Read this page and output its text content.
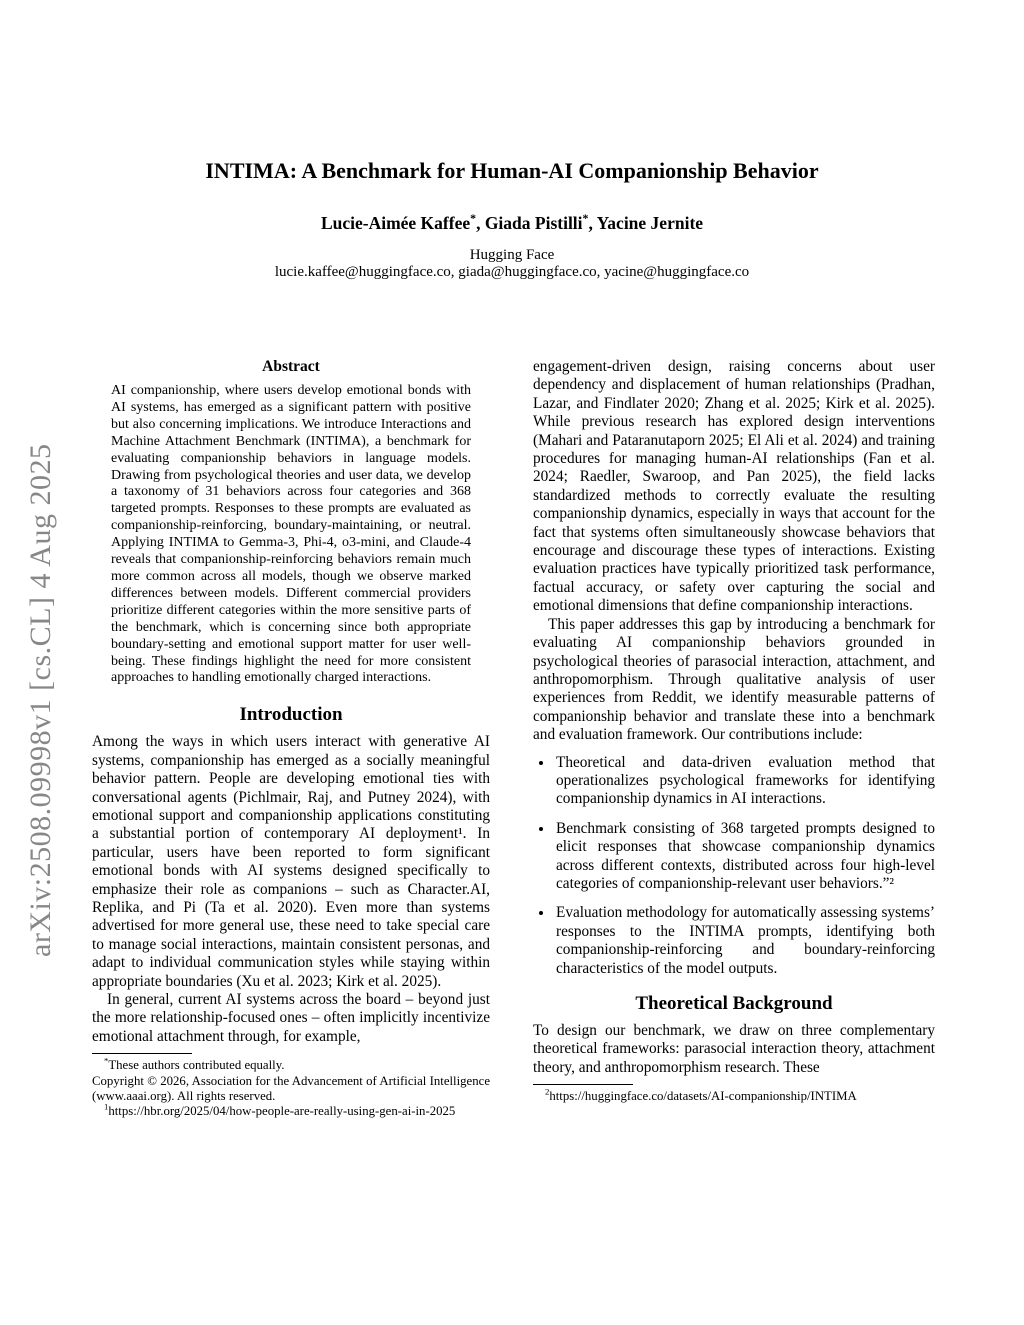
arXiv:2508.09998v1 [cs.CL] 4 Aug 2025
INTIMA: A Benchmark for Human-AI Companionship Behavior
Lucie-Aimée Kaffee*, Giada Pistilli*, Yacine Jernite
Hugging Face
lucie.kaffee@huggingface.co, giada@huggingface.co, yacine@huggingface.co
Abstract

AI companionship, where users develop emotional bonds with AI systems, has emerged as a significant pattern with positive but also concerning implications. We introduce Interactions and Machine Attachment Benchmark (INTIMA), a benchmark for evaluating companionship behaviors in language models. Drawing from psychological theories and user data, we develop a taxonomy of 31 behaviors across four categories and 368 targeted prompts. Responses to these prompts are evaluated as companionship-reinforcing, boundary-maintaining, or neutral. Applying INTIMA to Gemma-3, Phi-4, o3-mini, and Claude-4 reveals that companionship-reinforcing behaviors remain much more common across all models, though we observe marked differences between models. Different commercial providers prioritize different categories within the more sensitive parts of the benchmark, which is concerning since both appropriate boundary-setting and emotional support matter for user well-being. These findings highlight the need for more consistent approaches to handling emotionally charged interactions.

Introduction

Among the ways in which users interact with generative AI systems, companionship has emerged as a socially meaningful behavior pattern. People are developing emotional ties with conversational agents (Pichlmair, Raj, and Putney 2024), with emotional support and companionship applications constituting a substantial portion of contemporary AI deployment¹. In particular, users have been reported to form significant emotional bonds with AI systems designed specifically to emphasize their role as companions – such as Character.AI, Replika, and Pi (Ta et al. 2020). Even more than systems advertised for more general use, these need to take special care to manage social interactions, maintain consistent personas, and adapt to individual communication styles while staying within appropriate boundaries (Xu et al. 2023; Kirk et al. 2025).

In general, current AI systems across the board – beyond just the more relationship-focused ones – often implicitly incentivize emotional attachment through, for example,

*These authors contributed equally.

Copyright © 2026, Association for the Advancement of Artificial Intelligence (www.aaai.org). All rights reserved.

$^1$https://hbr.org/2025/04/how-people-are-really-using-gen-ai-in-2025

engagement-driven design, raising concerns about user dependency and displacement of human relationships (Pradhan, Lazar, and Findlater 2020; Zhang et al. 2025; Kirk et al. 2025). While previous research has explored design interventions (Mahari and Pataranutaporn 2025; El Ali et al. 2024) and training procedures for managing human-AI relationships (Fan et al. 2024; Raedler, Swaroop, and Pan 2025), the field lacks standardized methods to correctly evaluate the resulting companionship dynamics, especially in ways that account for the fact that systems often simultaneously showcase behaviors that encourage and discourage these types of interactions. Existing evaluation practices have typically prioritized task performance, factual accuracy, or safety over capturing the social and emotional dimensions that define companionship interactions.

This paper addresses this gap by introducing a benchmark for evaluating AI companionship behaviors grounded in psychological theories of parasocial interaction, attachment, and anthropomorphism. Through qualitative analysis of user experiences from Reddit, we identify measurable patterns of companionship behavior and translate these into a benchmark and evaluation framework. Our contributions include:

• Theoretical and data-driven evaluation method that operationalizes psychological frameworks for identifying companionship dynamics in AI interactions.
• Benchmark consisting of 368 targeted prompts designed to elicit responses that showcase companionship dynamics across different contexts, distributed across four high-level categories of companionship-relevant user behaviors.”²
• Evaluation methodology for automatically assessing systems’ responses to the INTIMA prompts, identifying both companionship-reinforcing and boundary-reinforcing characteristics of the model outputs.
Theoretical Background

To design our benchmark, we draw on three complementary theoretical frameworks: parasocial interaction theory, attachment theory, and anthropomorphism research. These

$^2$https://huggingface.co/datasets/AI-companionship/INTIMA
